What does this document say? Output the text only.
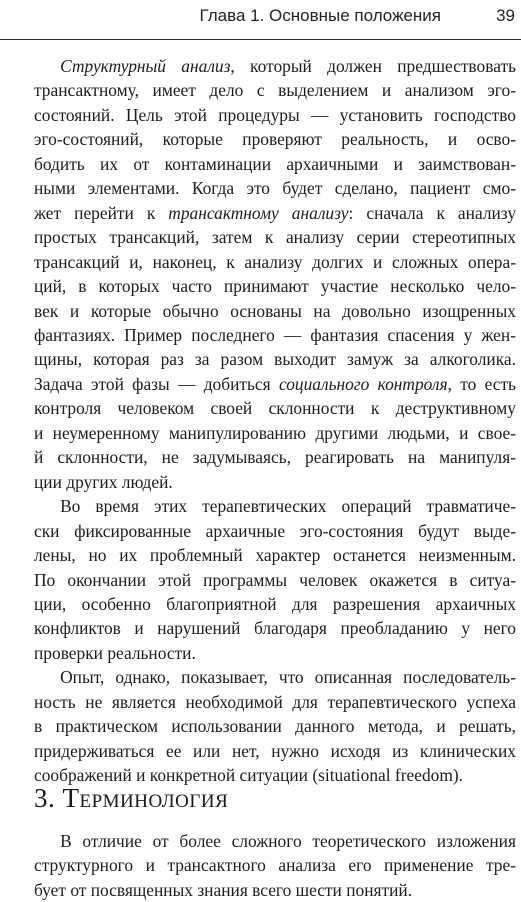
Глава 1. Основные положения	39

  Структурный анализ, который должен предшествовать
трансактному, имеет дело с выделением и анализом эго-
состояний. Цель этой процедуры — установить господство
эго-состояний, которые проверяют реальность, и осво-
бодить их от контаминации архаичными и заимствован-
ными элементами. Когда это будет сделано, пациент смо-
жет перейти к трансактному анализу: сначала к анализу
простых трансакций, затем к анализу серии стереотипных
трансакций и, наконец, к анализу долгих и сложных опера-
ций, в которых часто принимают участие несколько чело-
век и которые обычно основаны на довольно изощренных
фантазиях. Пример последнего — фантазия спасения у жен-
щины, которая раз за разом выходит замуж за алкоголика.
Задача этой фазы — добиться социального контроля, то есть
контроля человеком своей склонности к деструктивному
и неумеренному манипулированию другими людьми, и свое-
й склонности, не задумываясь, реагировать на манипуля-
ции других людей.

  Во время этих терапевтических операций травматиче-
ски фиксированные архаичные эго-состояния будут выде-
лены, но их проблемный характер останется неизменным.
По окончании этой программы человек окажется в ситуа-
ции, особенно благоприятной для разрешения архаичных
конфликтов и нарушений благодаря преобладанию у него
проверки реальности.

  Опыт, однако, показывает, что описанная последователь-
ность не является необходимой для терапевтического успеха
в практическом использовании данного метода, и решать,
придерживаться ее или нет, нужно исходя из клинических
соображений и конкретной ситуации (situational freedom).

3. Терминология

  В отличие от более сложного теоретического изложения
структурного и трансактного анализа его применение тре-
бует от посвященных знания всего шести понятий.
